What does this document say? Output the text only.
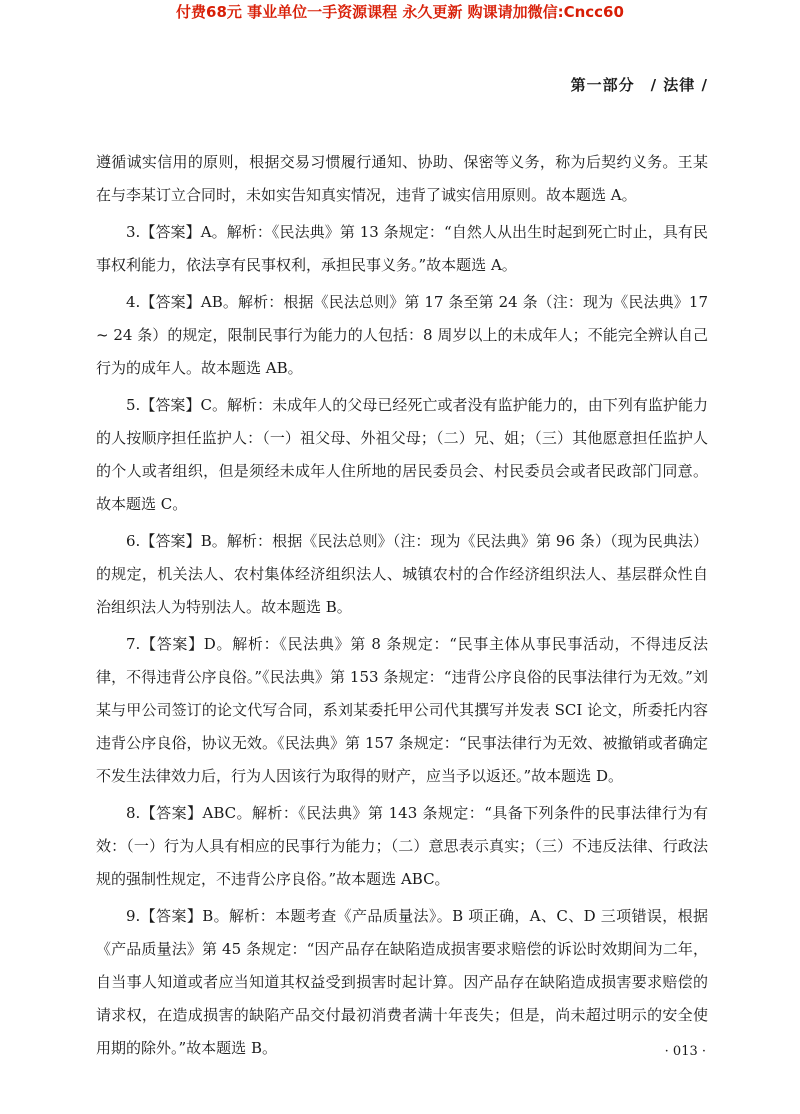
付费68元 事业单位一手资源课程 永久更新 购课请加微信:Cncc60
第一部分　/ 法律 /

遵循诚实信用的原则，根据交易习惯履行通知、协助、保密等义务，称为后契约义务。王某在与李某订立合同时，未如实告知真实情况，违背了诚实信用原则。故本题选 A。

3.【答案】A。解析：《民法典》第 13 条规定：“自然人从出生时起到死亡时止，具有民事权利能力，依法享有民事权利，承担民事义务。”故本题选 A。

4.【答案】AB。解析：根据《民法总则》第 17 条至第 24 条（注：现为《民法典》17 ~ 24 条）的规定，限制民事行为能力的人包括：8 周岁以上的未成年人；不能完全辨认自己行为的成年人。故本题选 AB。

5.【答案】C。解析：未成年人的父母已经死亡或者没有监护能力的，由下列有监护能力的人按顺序担任监护人：（一）祖父母、外祖父母；（二）兄、姐；（三）其他愿意担任监护人的个人或者组织，但是须经未成年人住所地的居民委员会、村民委员会或者民政部门同意。故本题选 C。

6.【答案】B。解析：根据《民法总则》（注：现为《民法典》第 96 条）（现为民典法）的规定，机关法人、农村集体经济组织法人、城镇农村的合作经济组织法人、基层群众性自治组织法人为特别法人。故本题选 B。

7.【答案】D。解析：《民法典》第 8 条规定：“民事主体从事民事活动，不得违反法律，不得违背公序良俗。”《民法典》第 153 条规定：“违背公序良俗的民事法律行为无效。”刘某与甲公司签订的论文代写合同，系刘某委托甲公司代其撰写并发表 SCI 论文，所委托内容违背公序良俗，协议无效。《民法典》第 157 条规定：“民事法律行为无效、被撤销或者确定不发生法律效力后，行为人因该行为取得的财产，应当予以返还。”故本题选 D。

8.【答案】ABC。解析：《民法典》第 143 条规定：“具备下列条件的民事法律行为有效：（一）行为人具有相应的民事行为能力；（二）意思表示真实；（三）不违反法律、行政法规的强制性规定，不违背公序良俗。”故本题选 ABC。

9.【答案】B。解析：本题考查《产品质量法》。B 项正确，A、C、D 三项错误，根据《产品质量法》第 45 条规定：“因产品存在缺陷造成损害要求赔偿的诉讼时效期间为二年，自当事人知道或者应当知道其权益受到损害时起计算。因产品存在缺陷造成损害要求赔偿的请求权，在造成损害的缺陷产品交付最初消费者满十年丧失；但是，尚未超过明示的安全使用期的除外。”故本题选 B。	· 013 ·
